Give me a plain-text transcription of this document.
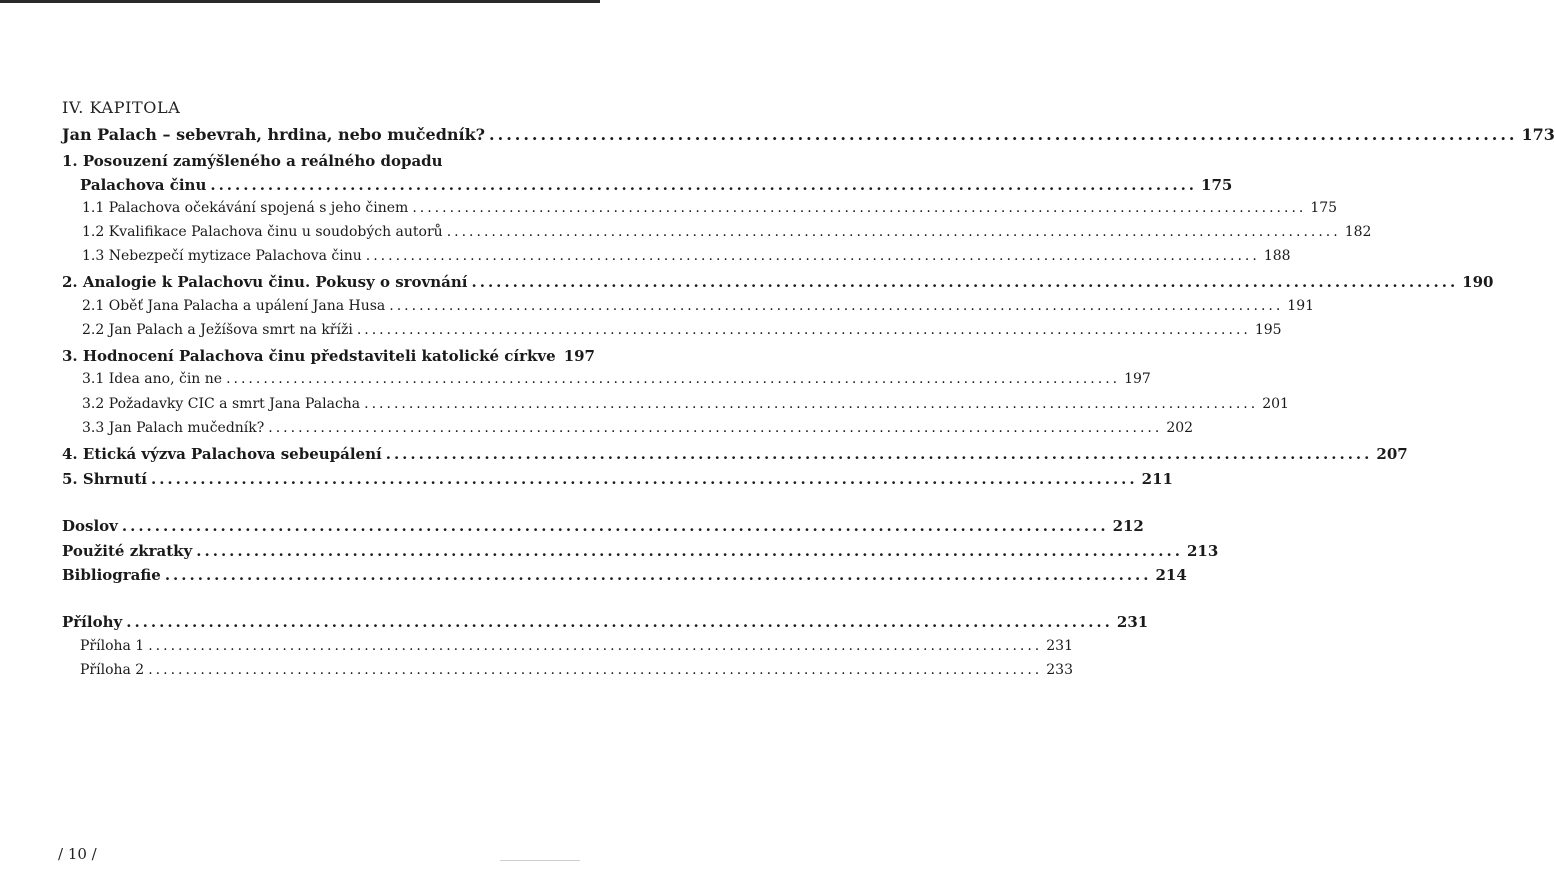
IV. KAPITOLA
Jan Palach – sebevrah, hrdina, nebo mučedník? ........................................................................................................................ 173
1. Posouzení zamýšleného a reálného dopadu
Palachova činu ........................................................................................................................ 175
1.1 Palachova očekávání spojená s jeho činem ........................................................................................................................ 175
1.2 Kvalifikace Palachova činu u soudobých autorů ........................................................................................................................ 182
1.3 Nebezpečí mytizace Palachova činu ........................................................................................................................ 188
2. Analogie k Palachovu činu. Pokusy o srovnání ........................................................................................................................ 190
2.1 Oběť Jana Palacha a upálení Jana Husa ........................................................................................................................ 191
2.2 Jan Palach a Ježíšova smrt na kříži ........................................................................................................................ 195
3. Hodnocení Palachova činu představiteli katolické církve 197
3.1 Idea ano, čin ne ........................................................................................................................ 197
3.2 Požadavky CIC a smrt Jana Palacha ........................................................................................................................ 201
3.3 Jan Palach mučedník? ........................................................................................................................ 202
4. Etická výzva Palachova sebeupálení ........................................................................................................................ 207
5. Shrnutí ........................................................................................................................ 211
Doslov ........................................................................................................................ 212
Použité zkratky ........................................................................................................................ 213
Bibliografie ........................................................................................................................ 214
Přílohy ........................................................................................................................ 231
Příloha 1 ........................................................................................................................ 231
Příloha 2 ........................................................................................................................ 233
/ 10 /
